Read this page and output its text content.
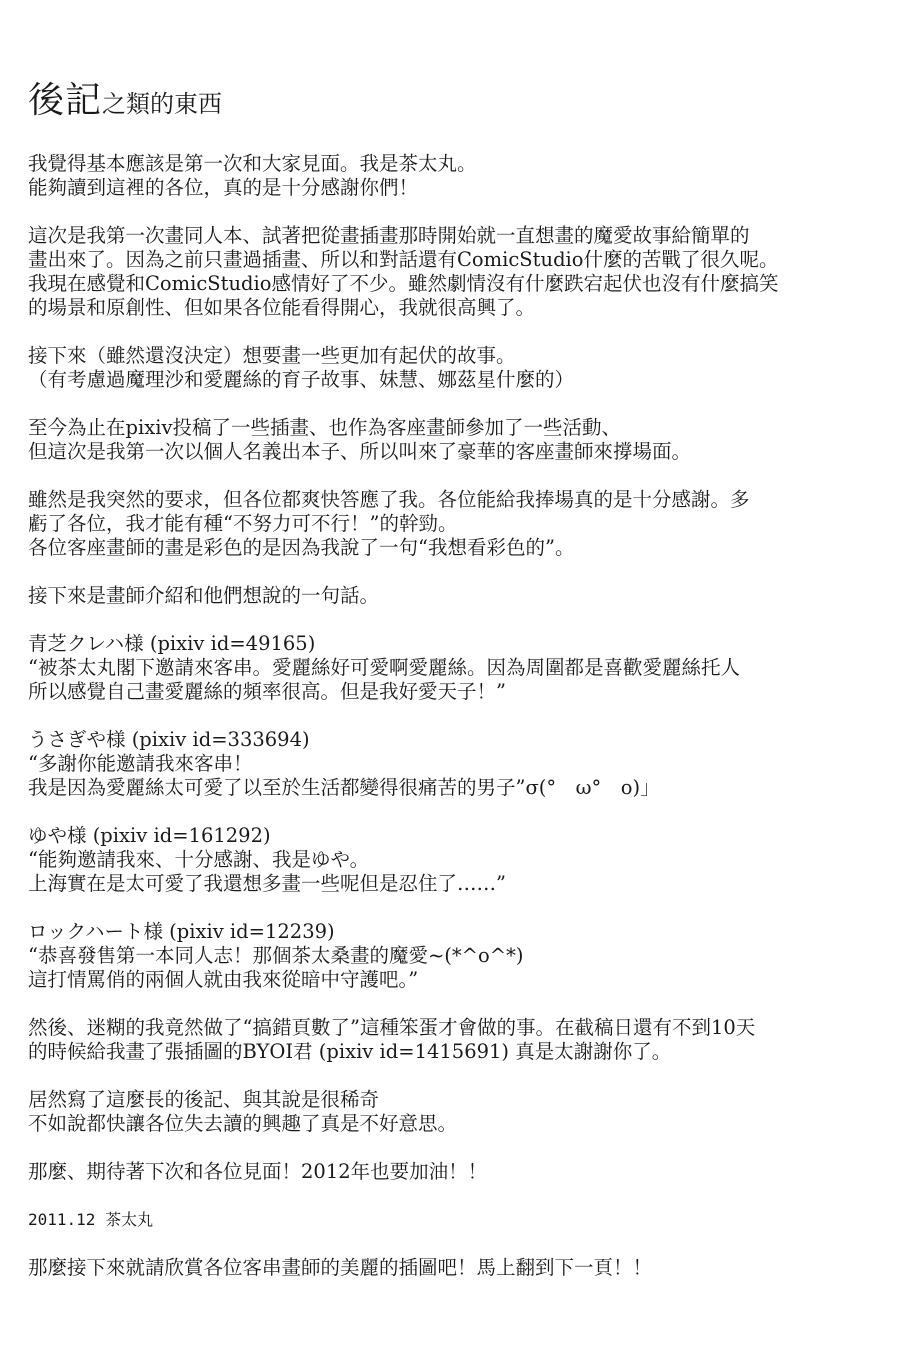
後記之類的東西
我覺得基本應該是第一次和大家見面。我是茶太丸。
能夠讀到這裡的各位，真的是十分感謝你們！
這次是我第一次畫同人本、試著把從畫插畫那時開始就一直想畫的魔愛故事給簡單的
畫出來了。因為之前只畫過插畫、所以和對話還有ComicStudio什麼的苦戰了很久呢。
我現在感覺和ComicStudio感情好了不少。雖然劇情沒有什麼跌宕起伏也沒有什麼搞笑
的場景和原創性、但如果各位能看得開心，我就很高興了。
接下來（雖然還沒決定）想要畫一些更加有起伏的故事。
（有考慮過魔理沙和愛麗絲的育子故事、妹慧、娜茲星什麼的）
至今為止在pixiv投稿了一些插畫、也作為客座畫師參加了一些活動、
但這次是我第一次以個人名義出本子、所以叫來了豪華的客座畫師來撐場面。
雖然是我突然的要求，但各位都爽快答應了我。各位能給我捧場真的是十分感謝。多
虧了各位，我才能有種“不努力可不行！”的幹勁。
各位客座畫師的畫是彩色的是因為我說了一句“我想看彩色的”。
接下來是畫師介紹和他們想說的一句話。
青芝クレハ様 (pixiv id=49165)
“被茶太丸閣下邀請來客串。愛麗絲好可愛啊愛麗絲。因為周圍都是喜歡愛麗絲托人
所以感覺自己畫愛麗絲的頻率很高。但是我好愛天子！”
うさぎや様 (pixiv id=333694)
“多謝你能邀請我來客串！
我是因為愛麗絲太可愛了以至於生活都變得很痛苦的男子”σ(°　ω°　o)」
ゆや様 (pixiv id=161292)
“能夠邀請我來、十分感謝、我是ゆや。
上海實在是太可愛了我還想多畫一些呢但是忍住了……”
ロックハート様 (pixiv id=12239)
“恭喜發售第一本同人志！那個茶太桑畫的魔愛~(*^o^*)
這打情罵俏的兩個人就由我來從暗中守護吧。”
然後、迷糊的我竟然做了“搞錯頁數了”這種笨蛋才會做的事。在截稿日還有不到10天
的時候給我畫了張插圖的BYOI君 (pixiv id=1415691) 真是太謝謝你了。
居然寫了這麼長的後記、與其說是很稀奇
不如說都快讓各位失去讀的興趣了真是不好意思。
那麼、期待著下次和各位見面！2012年也要加油！！
2011.12 茶太丸
那麼接下來就請欣賞各位客串畫師的美麗的插圖吧！馬上翻到下一頁！！
